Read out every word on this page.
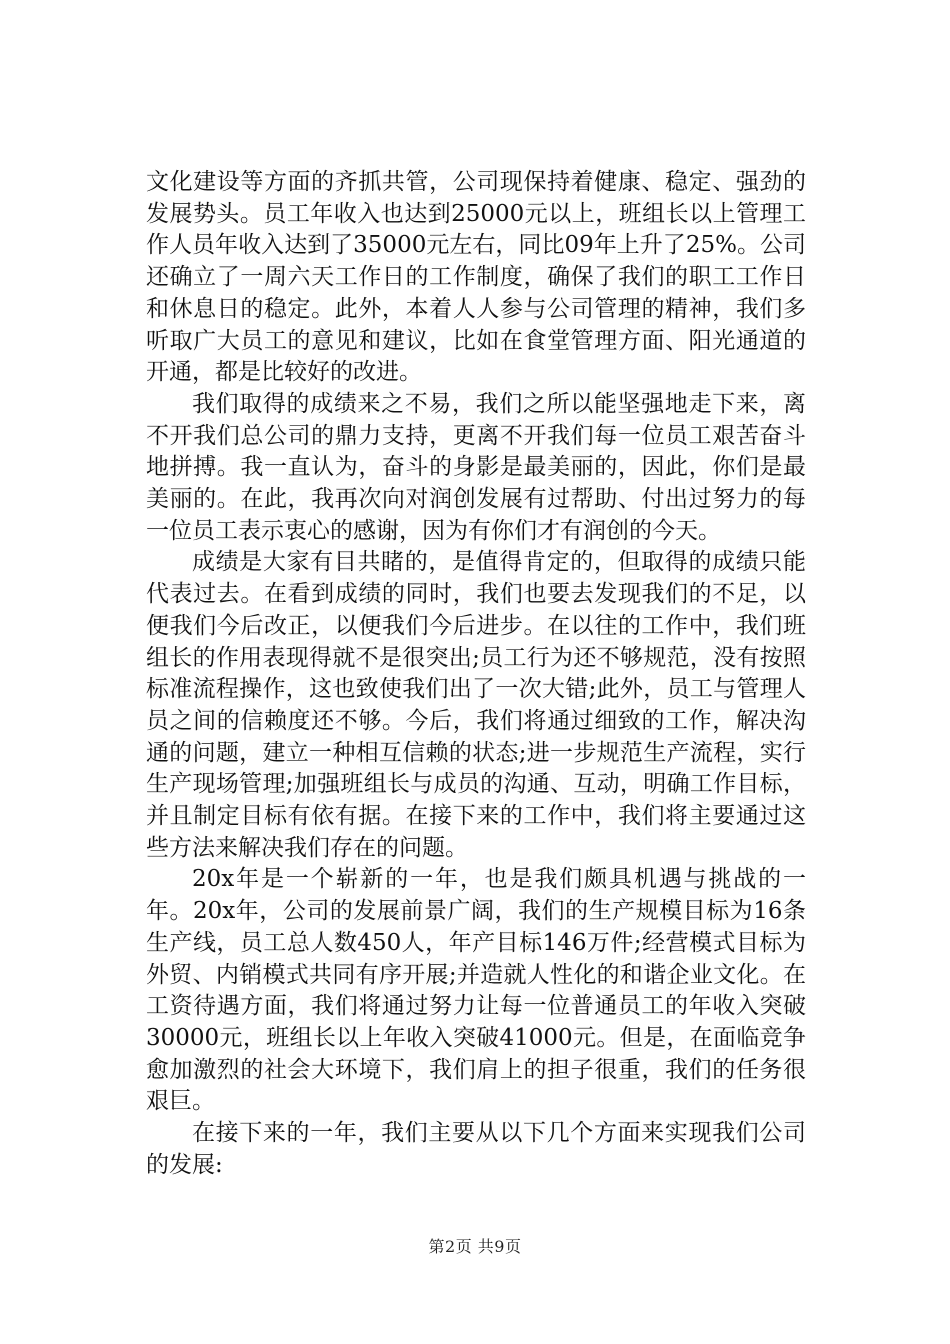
文化建设等方面的齐抓共管，公司现保持着健康、稳定、强劲的发展势头。员工年收入也达到25000元以上，班组长以上管理工作人员年收入达到了35000元左右，同比09年上升了25%。公司还确立了一周六天工作日的工作制度，确保了我们的职工工作日和休息日的稳定。此外，本着人人参与公司管理的精神，我们多听取广大员工的意见和建议，比如在食堂管理方面、阳光通道的开通，都是比较好的改进。

我们取得的成绩来之不易，我们之所以能坚强地走下来，离不开我们总公司的鼎力支持，更离不开我们每一位员工艰苦奋斗地拼搏。我一直认为，奋斗的身影是最美丽的，因此，你们是最美丽的。在此，我再次向对润创发展有过帮助、付出过努力的每一位员工表示衷心的感谢，因为有你们才有润创的今天。

成绩是大家有目共睹的，是值得肯定的，但取得的成绩只能代表过去。在看到成绩的同时，我们也要去发现我们的不足，以便我们今后改正，以便我们今后进步。在以往的工作中，我们班组长的作用表现得就不是很突出;员工行为还不够规范，没有按照标准流程操作，这也致使我们出了一次大错;此外，员工与管理人员之间的信赖度还不够。今后，我们将通过细致的工作，解决沟通的问题，建立一种相互信赖的状态;进一步规范生产流程，实行生产现场管理;加强班组长与成员的沟通、互动，明确工作目标，并且制定目标有依有据。在接下来的工作中，我们将主要通过这些方法来解决我们存在的问题。

20x年是一个崭新的一年，也是我们颇具机遇与挑战的一年。20x年，公司的发展前景广阔，我们的生产规模目标为16条生产线，员工总人数450人，年产目标146万件;经营模式目标为外贸、内销模式共同有序开展;并造就人性化的和谐企业文化。在工资待遇方面，我们将通过努力让每一位普通员工的年收入突破30000元，班组长以上年收入突破41000元。但是，在面临竞争愈加激烈的社会大环境下，我们肩上的担子很重，我们的任务很艰巨。

在接下来的一年，我们主要从以下几个方面来实现我们公司的发展:

第2页 共9页
